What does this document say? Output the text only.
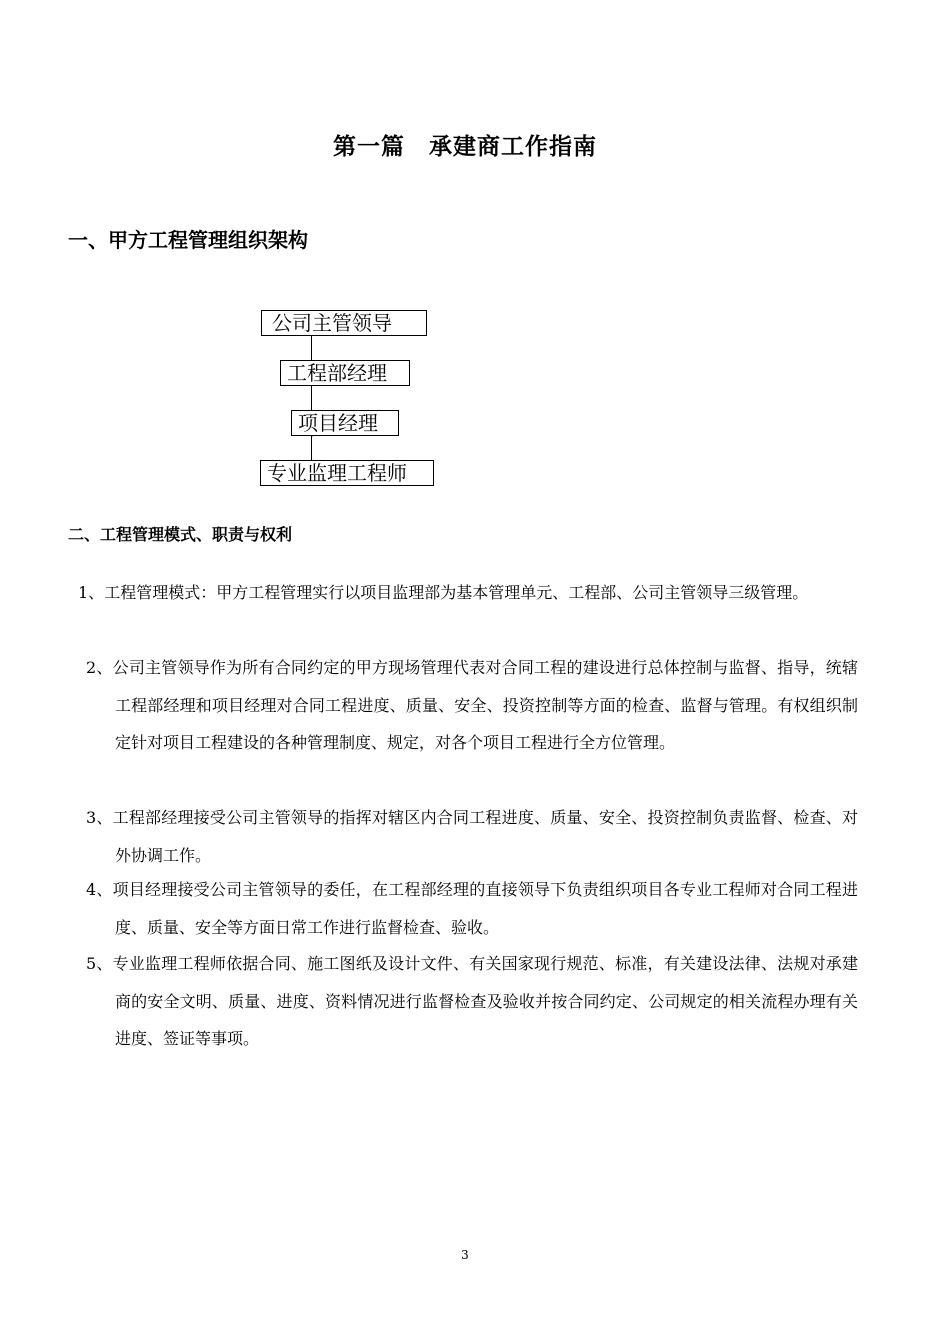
第一篇　承建商工作指南
一、甲方工程管理组织架构
公司主管领导
工程部经理
项目经理
专业监理工程师
二、工程管理模式、职责与权利
1、工程管理模式：甲方工程管理实行以项目监理部为基本管理单元、工程部、公司主管领导三级管理。
2、公司主管领导作为所有合同约定的甲方现场管理代表对合同工程的建设进行总体控制与监督、指导，统辖工程部经理和项目经理对合同工程进度、质量、安全、投资控制等方面的检查、监督与管理。有权组织制定针对项目工程建设的各种管理制度、规定，对各个项目工程进行全方位管理。
3、工程部经理接受公司主管领导的指挥对辖区内合同工程进度、质量、安全、投资控制负责监督、检查、对外协调工作。
4、项目经理接受公司主管领导的委任，在工程部经理的直接领导下负责组织项目各专业工程师对合同工程进度、质量、安全等方面日常工作进行监督检查、验收。
5、专业监理工程师依据合同、施工图纸及设计文件、有关国家现行规范、标准，有关建设法律、法规对承建商的安全文明、质量、进度、资料情况进行监督检查及验收并按合同约定、公司规定的相关流程办理有关进度、签证等事项。
3
